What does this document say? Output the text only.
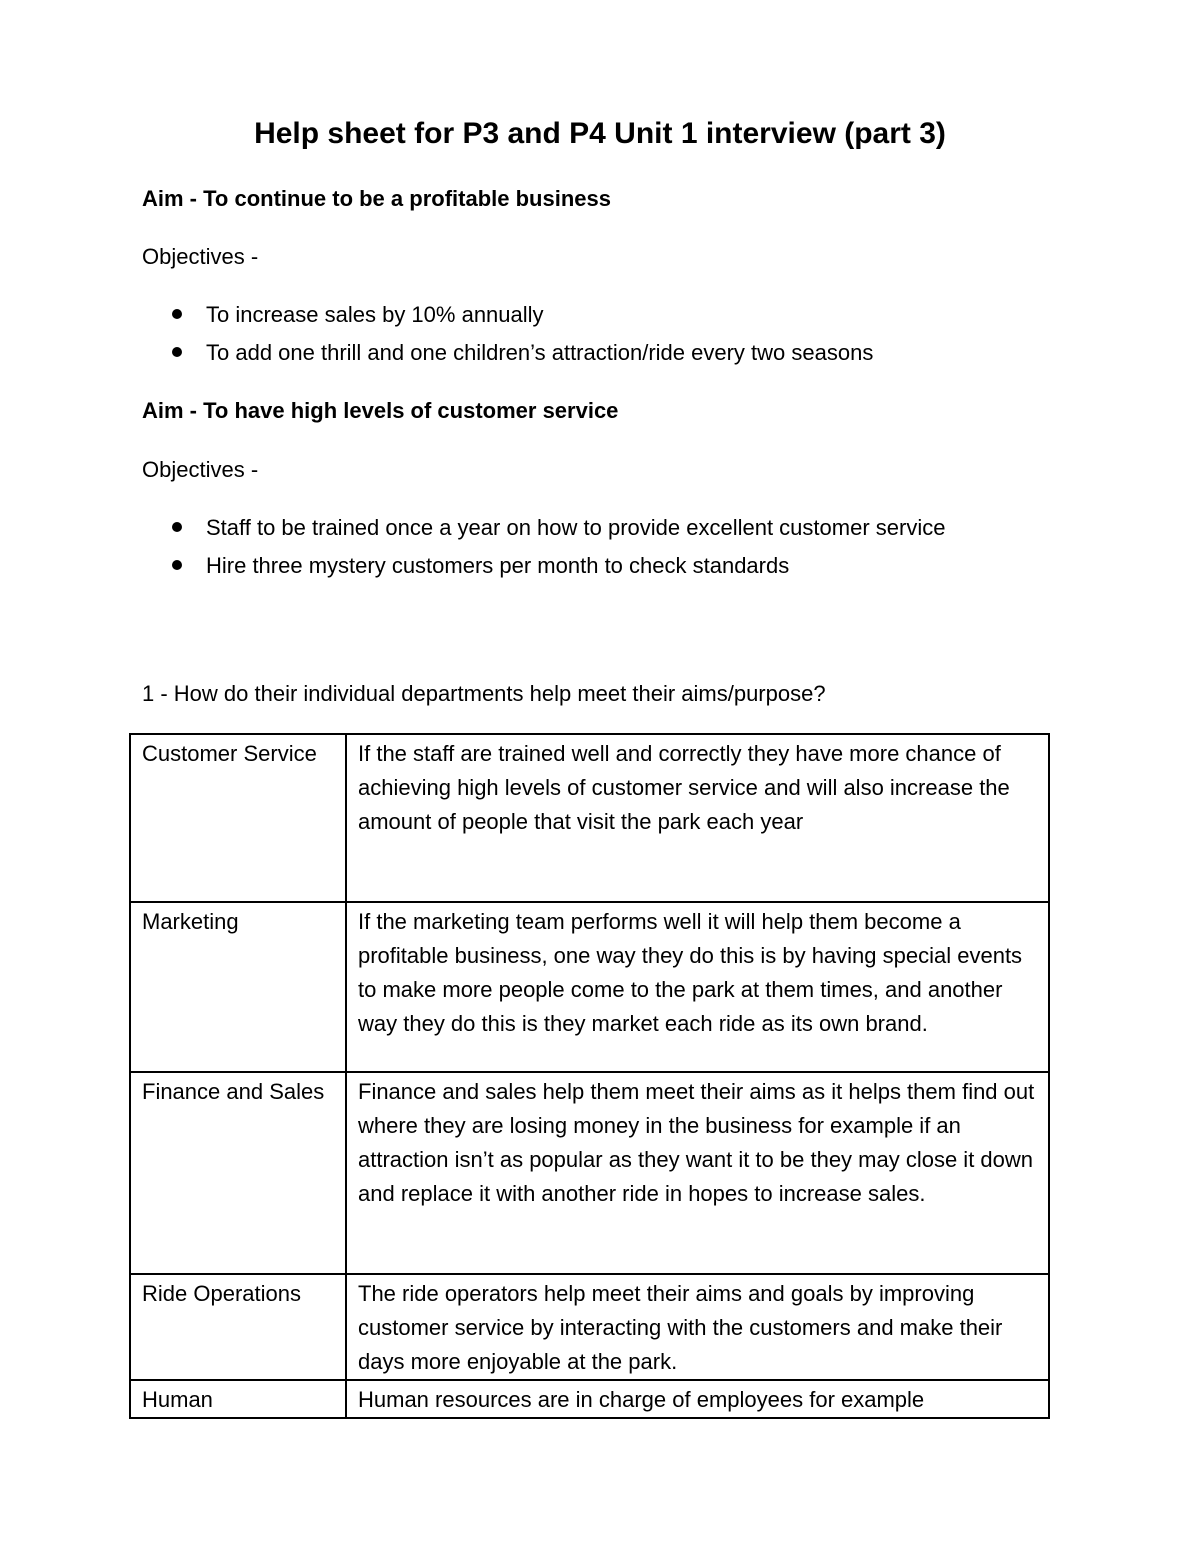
Help sheet for P3 and P4 Unit 1 interview (part 3)
Aim - To continue to be a profitable business
Objectives -
To increase sales by 10% annually
To add one thrill and one children’s attraction/ride every two seasons
Aim - To have high levels of customer service
Objectives -
Staff to be trained once a year on how to provide excellent customer service
Hire three mystery customers per month to check standards
1 - How do their individual departments help meet their aims/purpose?
Customer Service	If the staff are trained well and correctly they have more chance of achieving high levels of customer service and will also increase the amount of people that visit the park each year
Marketing	If the marketing team performs well it will help them become a profitable business, one way they do this is by having special events to make more people come to the park at them times, and another way they do this is they market each ride as its own brand.
Finance and Sales	Finance and sales help them meet their aims as it helps them find out where they are losing money in the business for example if an attraction isn’t as popular as they want it to be they may close it down and replace it with another ride in hopes to increase sales.
Ride Operations	The ride operators help meet their aims and goals by improving customer service by interacting with the customers and make their days more enjoyable at the park.
Human	Human resources are in charge of employees for example
